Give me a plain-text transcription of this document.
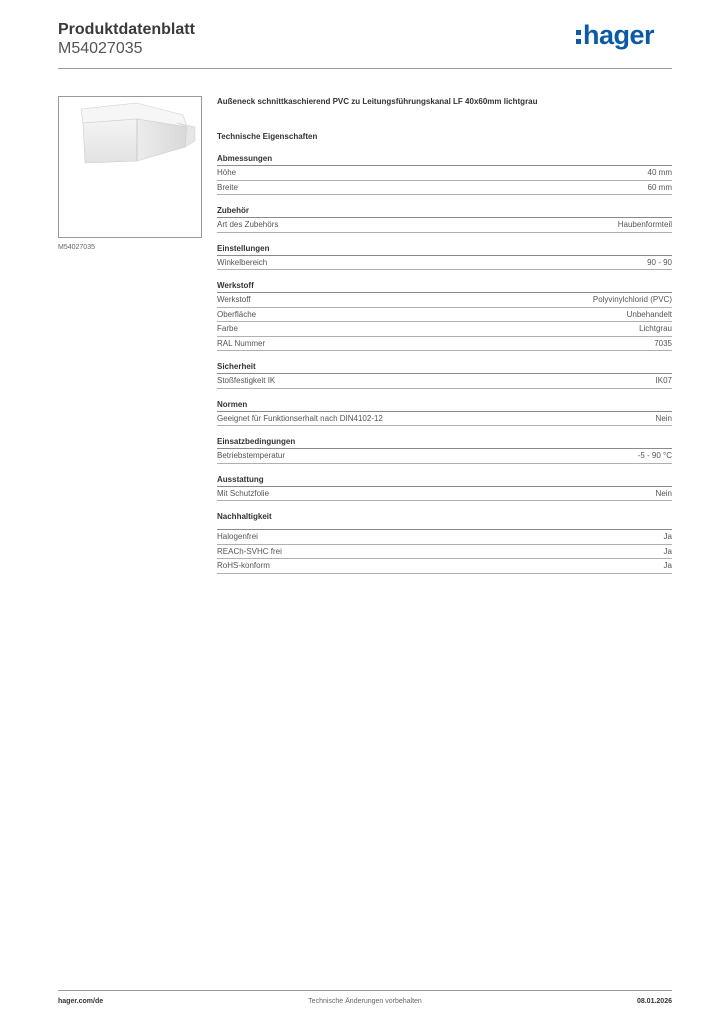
Produktdatenblatt
M54027035	hager
M54027035
Außeneck schnittkaschierend PVC zu Leitungsführungskanal LF 40x60mm lichtgrau
Technische Eigenschaften
Abmessungen
Höhe	40 mm
Breite	60 mm
Zubehör
Art des Zubehörs	Haubenformteil
Einstellungen
Winkelbereich	90 - 90
Werkstoff
Werkstoff	Polyvinylchlorid (PVC)
Oberfläche	Unbehandelt
Farbe	Lichtgrau
RAL Nummer	7035
Sicherheit
Stoßfestigkeit IK	IK07
Normen
Geeignet für Funktionserhalt nach DIN4102-12	Nein
Einsatzbedingungen
Betriebstemperatur	-5 - 90 °C
Ausstattung
Mit Schutzfolie	Nein
Nachhaltigkeit
Halogenfrei	Ja
REACh-SVHC frei	Ja
RoHS-konform	Ja
hager.com/de	Technische Änderungen vorbehalten	08.01.2026
